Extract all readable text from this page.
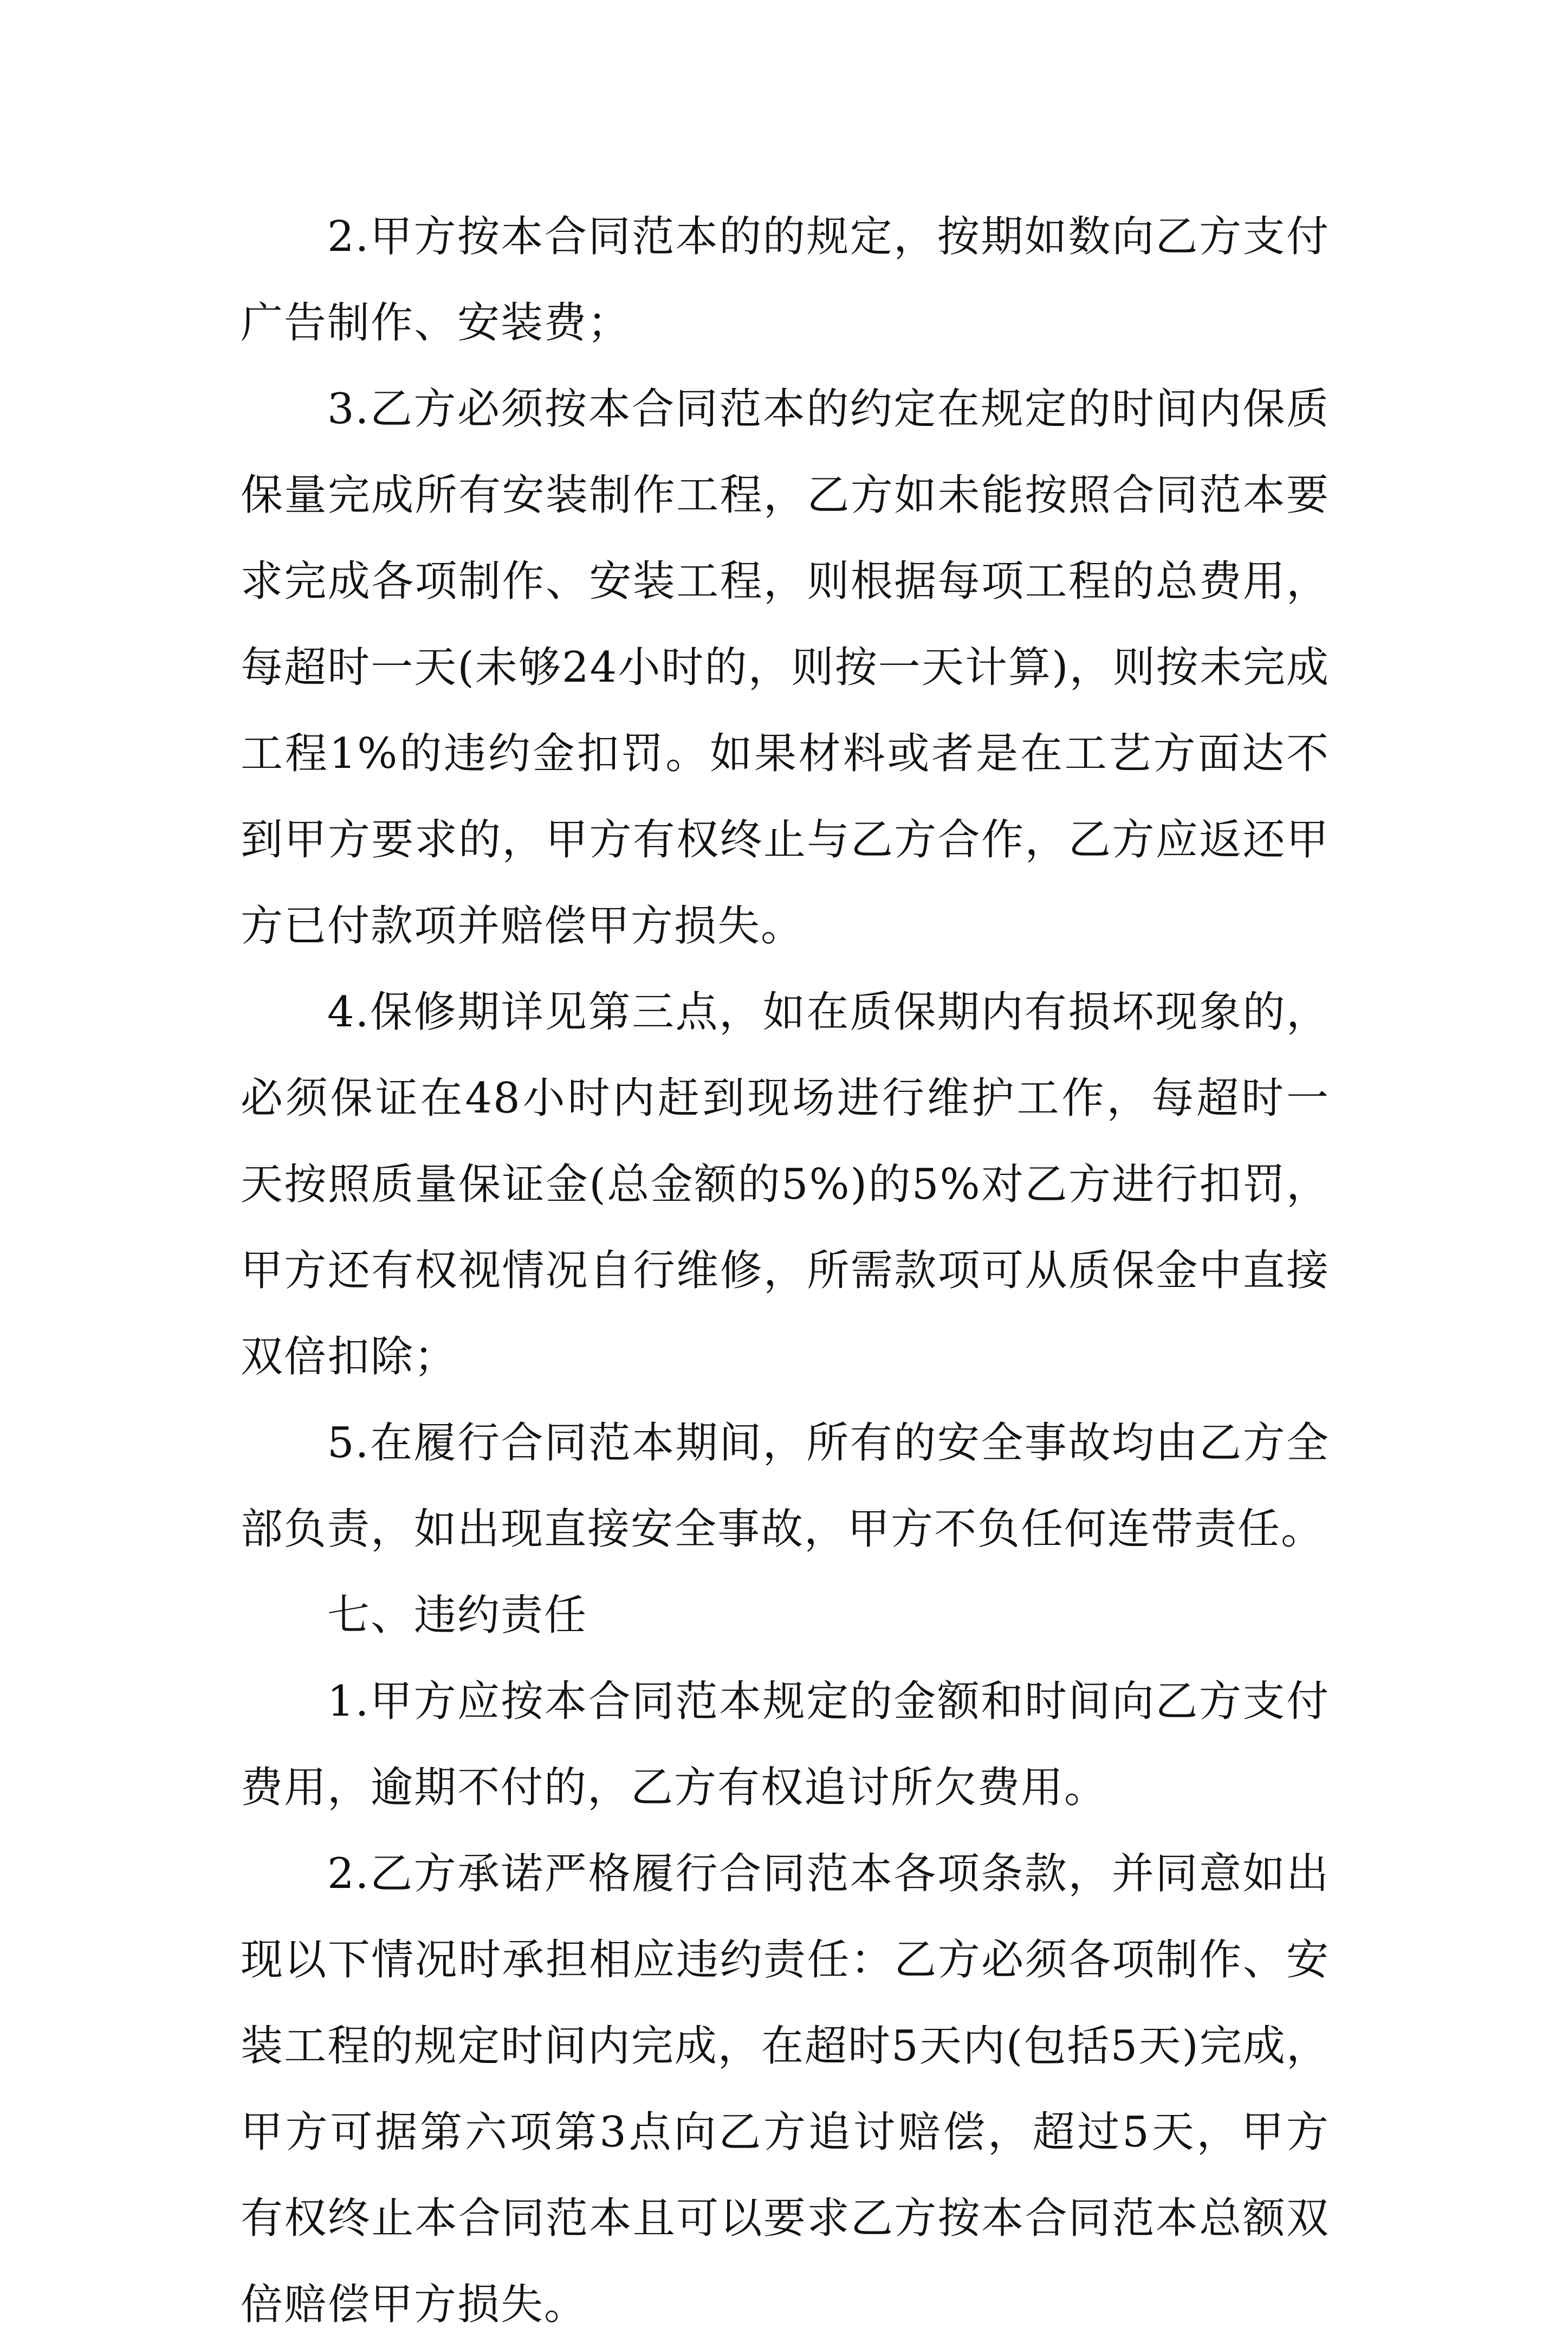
2.甲方按本合同范本的的规定，按期如数向乙方支付广告制作、安装费；

3.乙方必须按本合同范本的约定在规定的时间内保质保量完成所有安装制作工程，乙方如未能按照合同范本要求完成各项制作、安装工程，则根据每项工程的总费用，每超时一天(未够24小时的，则按一天计算)，则按未完成工程1%的违约金扣罚。如果材料或者是在工艺方面达不到甲方要求的，甲方有权终止与乙方合作，乙方应返还甲方已付款项并赔偿甲方损失。

4.保修期详见第三点，如在质保期内有损坏现象的，必须保证在48小时内赶到现场进行维护工作，每超时一天按照质量保证金(总金额的5%)的5%对乙方进行扣罚，甲方还有权视情况自行维修，所需款项可从质保金中直接双倍扣除；

5.在履行合同范本期间，所有的安全事故均由乙方全部负责，如出现直接安全事故，甲方不负任何连带责任。

七、违约责任

1.甲方应按本合同范本规定的金额和时间向乙方支付费用，逾期不付的，乙方有权追讨所欠费用。

2.乙方承诺严格履行合同范本各项条款，并同意如出现以下情况时承担相应违约责任：乙方必须各项制作、安装工程的规定时间内完成，在超时5天内(包括5天)完成，甲方可据第六项第3点向乙方追讨赔偿，超过5天，甲方有权终止本合同范本且可以要求乙方按本合同范本总额双倍赔偿甲方损失。
